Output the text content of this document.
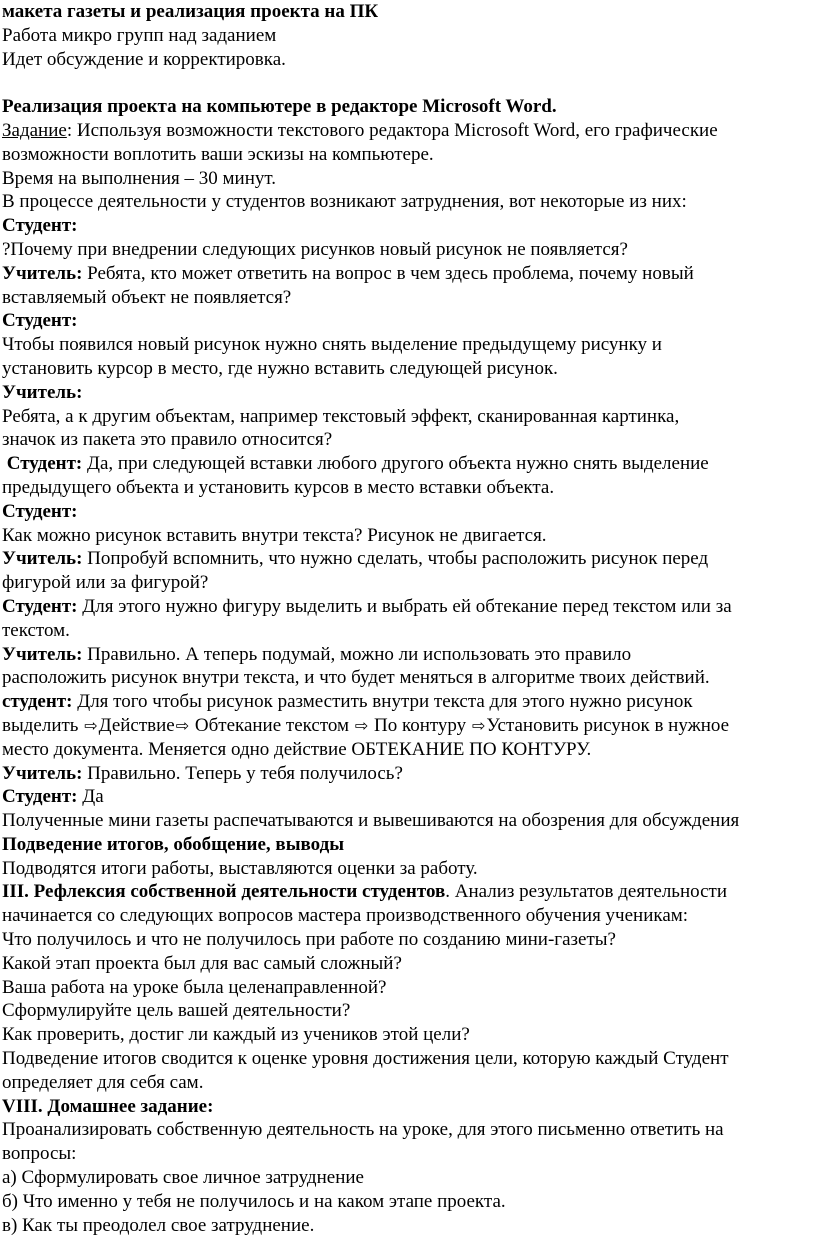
макета газеты и реализация проекта на ПК
Работа микро групп над заданием
Идет обсуждение и корректировка.
Реализация проекта на компьютере в редакторе Microsoft Word.
Задание: Используя возможности текстового редактора Microsoft Word, его графические
возможности воплотить ваши эскизы на компьютере.
Время на выполнения – 30 минут.
В процессе деятельности у студентов возникают затруднения, вот некоторые из них:
Студент:
?Почему при внедрении следующих рисунков новый рисунок не появляется?
Учитель: Ребята, кто может ответить на вопрос в чем здесь проблема, почему новый
вставляемый объект не появляется?
Студент:
Чтобы появился новый рисунок нужно снять выделение предыдущему рисунку и
установить курсор в место, где нужно вставить следующей рисунок.
Учитель:
Ребята, а к другим объектам, например текстовый эффект, сканированная картинка,
значок из пакета это правило относится?
Студент: Да, при следующей вставки любого другого объекта нужно снять выделение
предыдущего объекта и установить курсов в место вставки объекта.
Студент:
Как можно рисунок вставить внутри текста? Рисунок не двигается.
Учитель: Попробуй вспомнить, что нужно сделать, чтобы расположить рисунок перед
фигурой или за фигурой?
Студент: Для этого нужно фигуру выделить и выбрать ей обтекание перед текстом или за
текстом.
Учитель: Правильно. А теперь подумай, можно ли использовать это правило
расположить рисунок внутри текста, и что будет меняться в алгоритме твоих действий.
студент: Для того чтобы рисунок разместить внутри текста для этого нужно рисунок
выделить ⇨Действие⇨ Обтекание текстом ⇨ По контуру ⇨Установить рисунок в нужное
место документа. Меняется одно действие ОБТЕКАНИЕ ПО КОНТУРУ.
Учитель: Правильно. Теперь у тебя получилось?
Студент: Да
Полученные мини газеты распечатываются и вывешиваются на обозрения для обсуждения
Подведение итогов, обобщение, выводы
Подводятся итоги работы, выставляются оценки за работу.
III. Рефлексия собственной деятельности студентов. Анализ результатов деятельности
начинается со следующих вопросов мастера производственного обучения ученикам:
Что получилось и что не получилось при работе по созданию мини-газеты?
Какой этап проекта был для вас самый сложный?
Ваша работа на уроке была целенаправленной?
Сформулируйте цель вашей деятельности?
Как проверить, достиг ли каждый из учеников этой цели?
Подведение итогов сводится к оценке уровня достижения цели, которую каждый Студент
определяет для себя сам.
VIII. Домашнее задание:
Проанализировать собственную деятельность на уроке, для этого письменно ответить на
вопросы:
а) Сформулировать свое личное затруднение
б) Что именно у тебя не получилось и на каком этапе проекта.
в) Как ты преодолел свое затруднение.
